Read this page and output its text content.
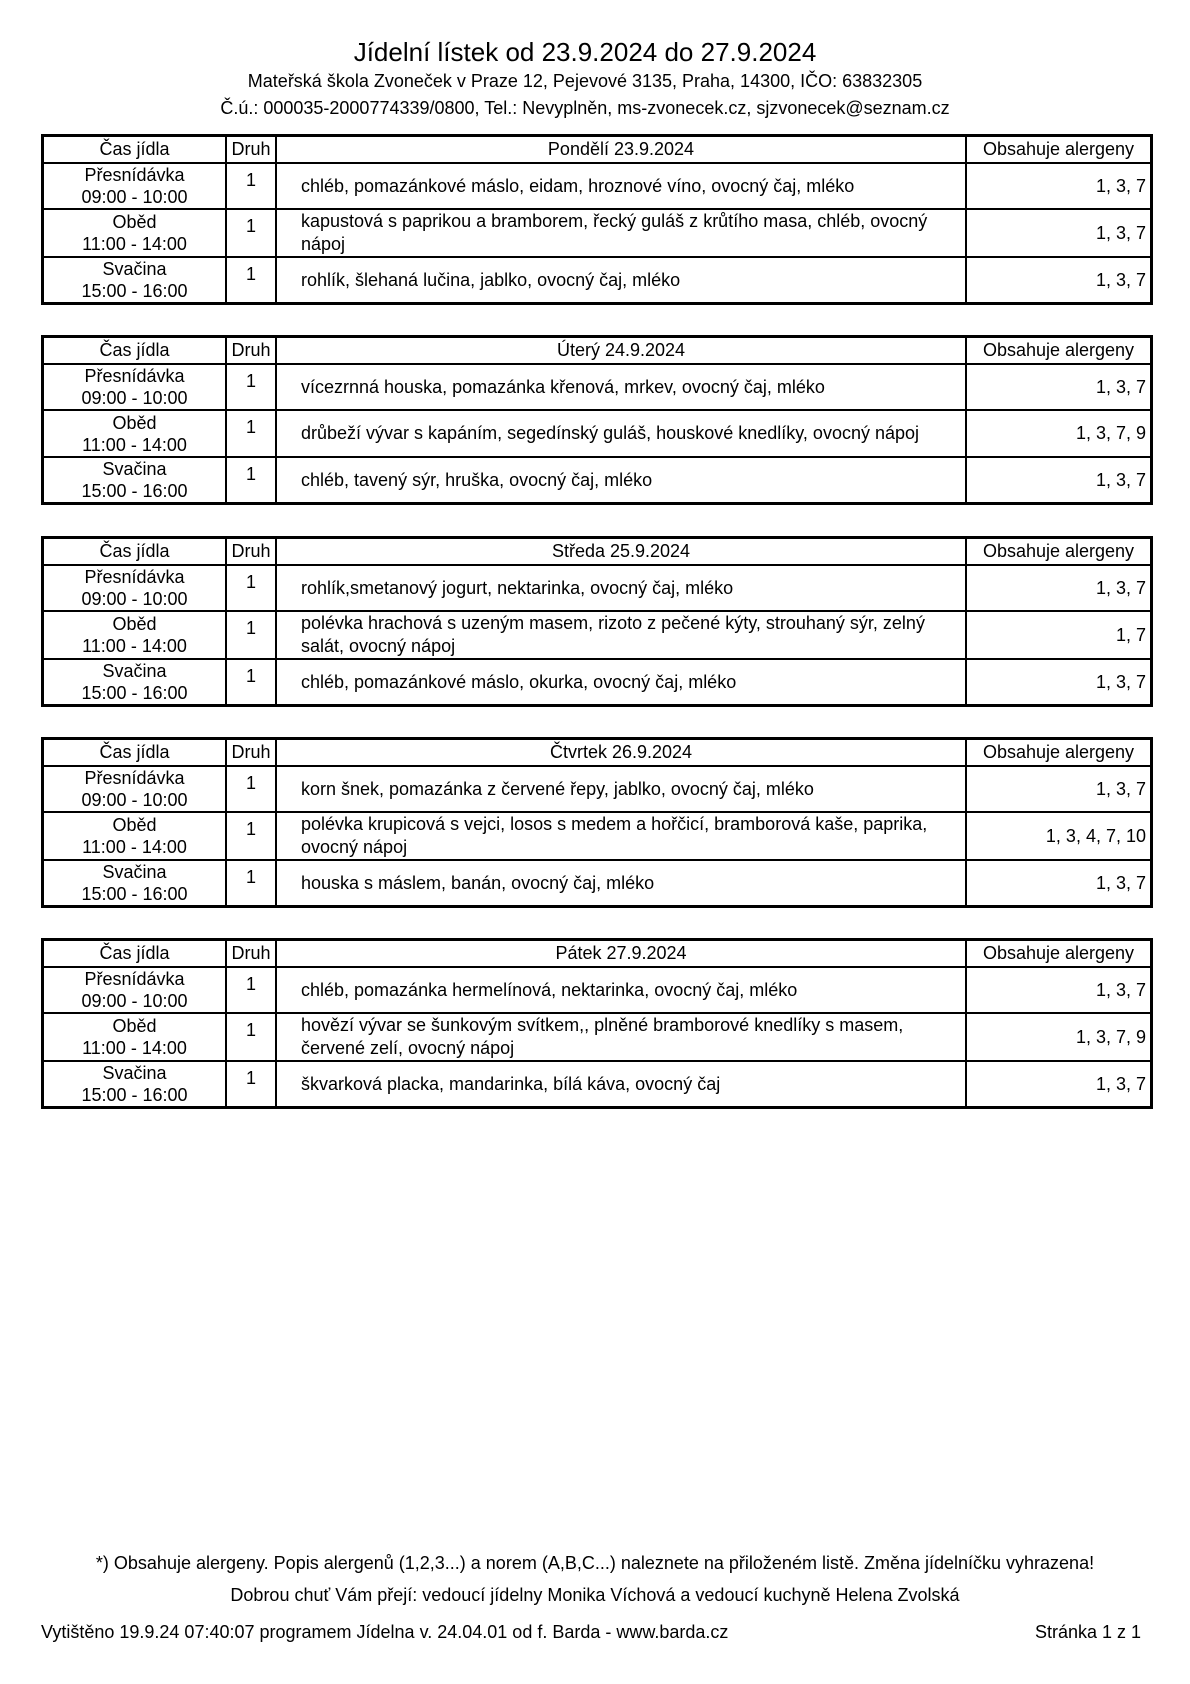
Jídelní lístek od 23.9.2024 do 27.9.2024
Mateřská škola Zvoneček v Praze 12, Pejevové 3135, Praha, 14300, IČO: 63832305
Č.ú.: 000035-2000774339/0800, Tel.: Nevyplněn, ms-zvonecek.cz, sjzvonecek@seznam.cz
Čas jídla	Druh	Pondělí 23.9.2024	Obsahuje alergeny
Přesnídávka
09:00 - 10:00	1	chléb, pomazánkové máslo, eidam, hroznové víno, ovocný čaj, mléko	1, 3, 7
Oběd
11:00 - 14:00	1	kapustová s paprikou a bramborem, řecký guláš z krůtího masa, chléb, ovocný nápoj	1, 3, 7
Svačina
15:00 - 16:00	1	rohlík, šlehaná lučina, jablko, ovocný čaj, mléko	1, 3, 7
Čas jídla	Druh	Úterý 24.9.2024	Obsahuje alergeny
Přesnídávka
09:00 - 10:00	1	vícezrnná houska, pomazánka křenová, mrkev, ovocný čaj, mléko	1, 3, 7
Oběd
11:00 - 14:00	1	drůbeží vývar s kapáním, segedínský guláš, houskové knedlíky, ovocný nápoj	1, 3, 7, 9
Svačina
15:00 - 16:00	1	chléb, tavený sýr, hruška, ovocný čaj, mléko	1, 3, 7
Čas jídla	Druh	Středa 25.9.2024	Obsahuje alergeny
Přesnídávka
09:00 - 10:00	1	rohlík,smetanový jogurt, nektarinka, ovocný čaj, mléko	1, 3, 7
Oběd
11:00 - 14:00	1	polévka hrachová s uzeným masem, rizoto z pečené kýty, strouhaný sýr, zelný salát, ovocný nápoj	1, 7
Svačina
15:00 - 16:00	1	chléb, pomazánkové máslo, okurka, ovocný čaj, mléko	1, 3, 7
Čas jídla	Druh	Čtvrtek 26.9.2024	Obsahuje alergeny
Přesnídávka
09:00 - 10:00	1	korn šnek, pomazánka z červené řepy, jablko, ovocný čaj, mléko	1, 3, 7
Oběd
11:00 - 14:00	1	polévka krupicová s vejci, losos s medem a hořčicí, bramborová kaše, paprika, ovocný nápoj	1, 3, 4, 7, 10
Svačina
15:00 - 16:00	1	houska s máslem, banán, ovocný čaj, mléko	1, 3, 7
Čas jídla	Druh	Pátek 27.9.2024	Obsahuje alergeny
Přesnídávka
09:00 - 10:00	1	chléb, pomazánka hermelínová, nektarinka, ovocný čaj, mléko	1, 3, 7
Oběd
11:00 - 14:00	1	hovězí vývar se šunkovým svítkem,, plněné bramborové knedlíky s masem, červené zelí, ovocný nápoj	1, 3, 7, 9
Svačina
15:00 - 16:00	1	škvarková placka, mandarinka, bílá káva, ovocný čaj	1, 3, 7
*) Obsahuje alergeny. Popis alergenů (1,2,3...) a norem (A,B,C...) naleznete na přiloženém listě. Změna jídelníčku vyhrazena!
Dobrou chuť Vám přejí: vedoucí jídelny Monika Víchová a vedoucí kuchyně Helena Zvolská
Vytištěno 19.9.24 07:40:07 programem Jídelna v. 24.04.01 od f. Barda - www.barda.cz	Stránka 1 z 1
